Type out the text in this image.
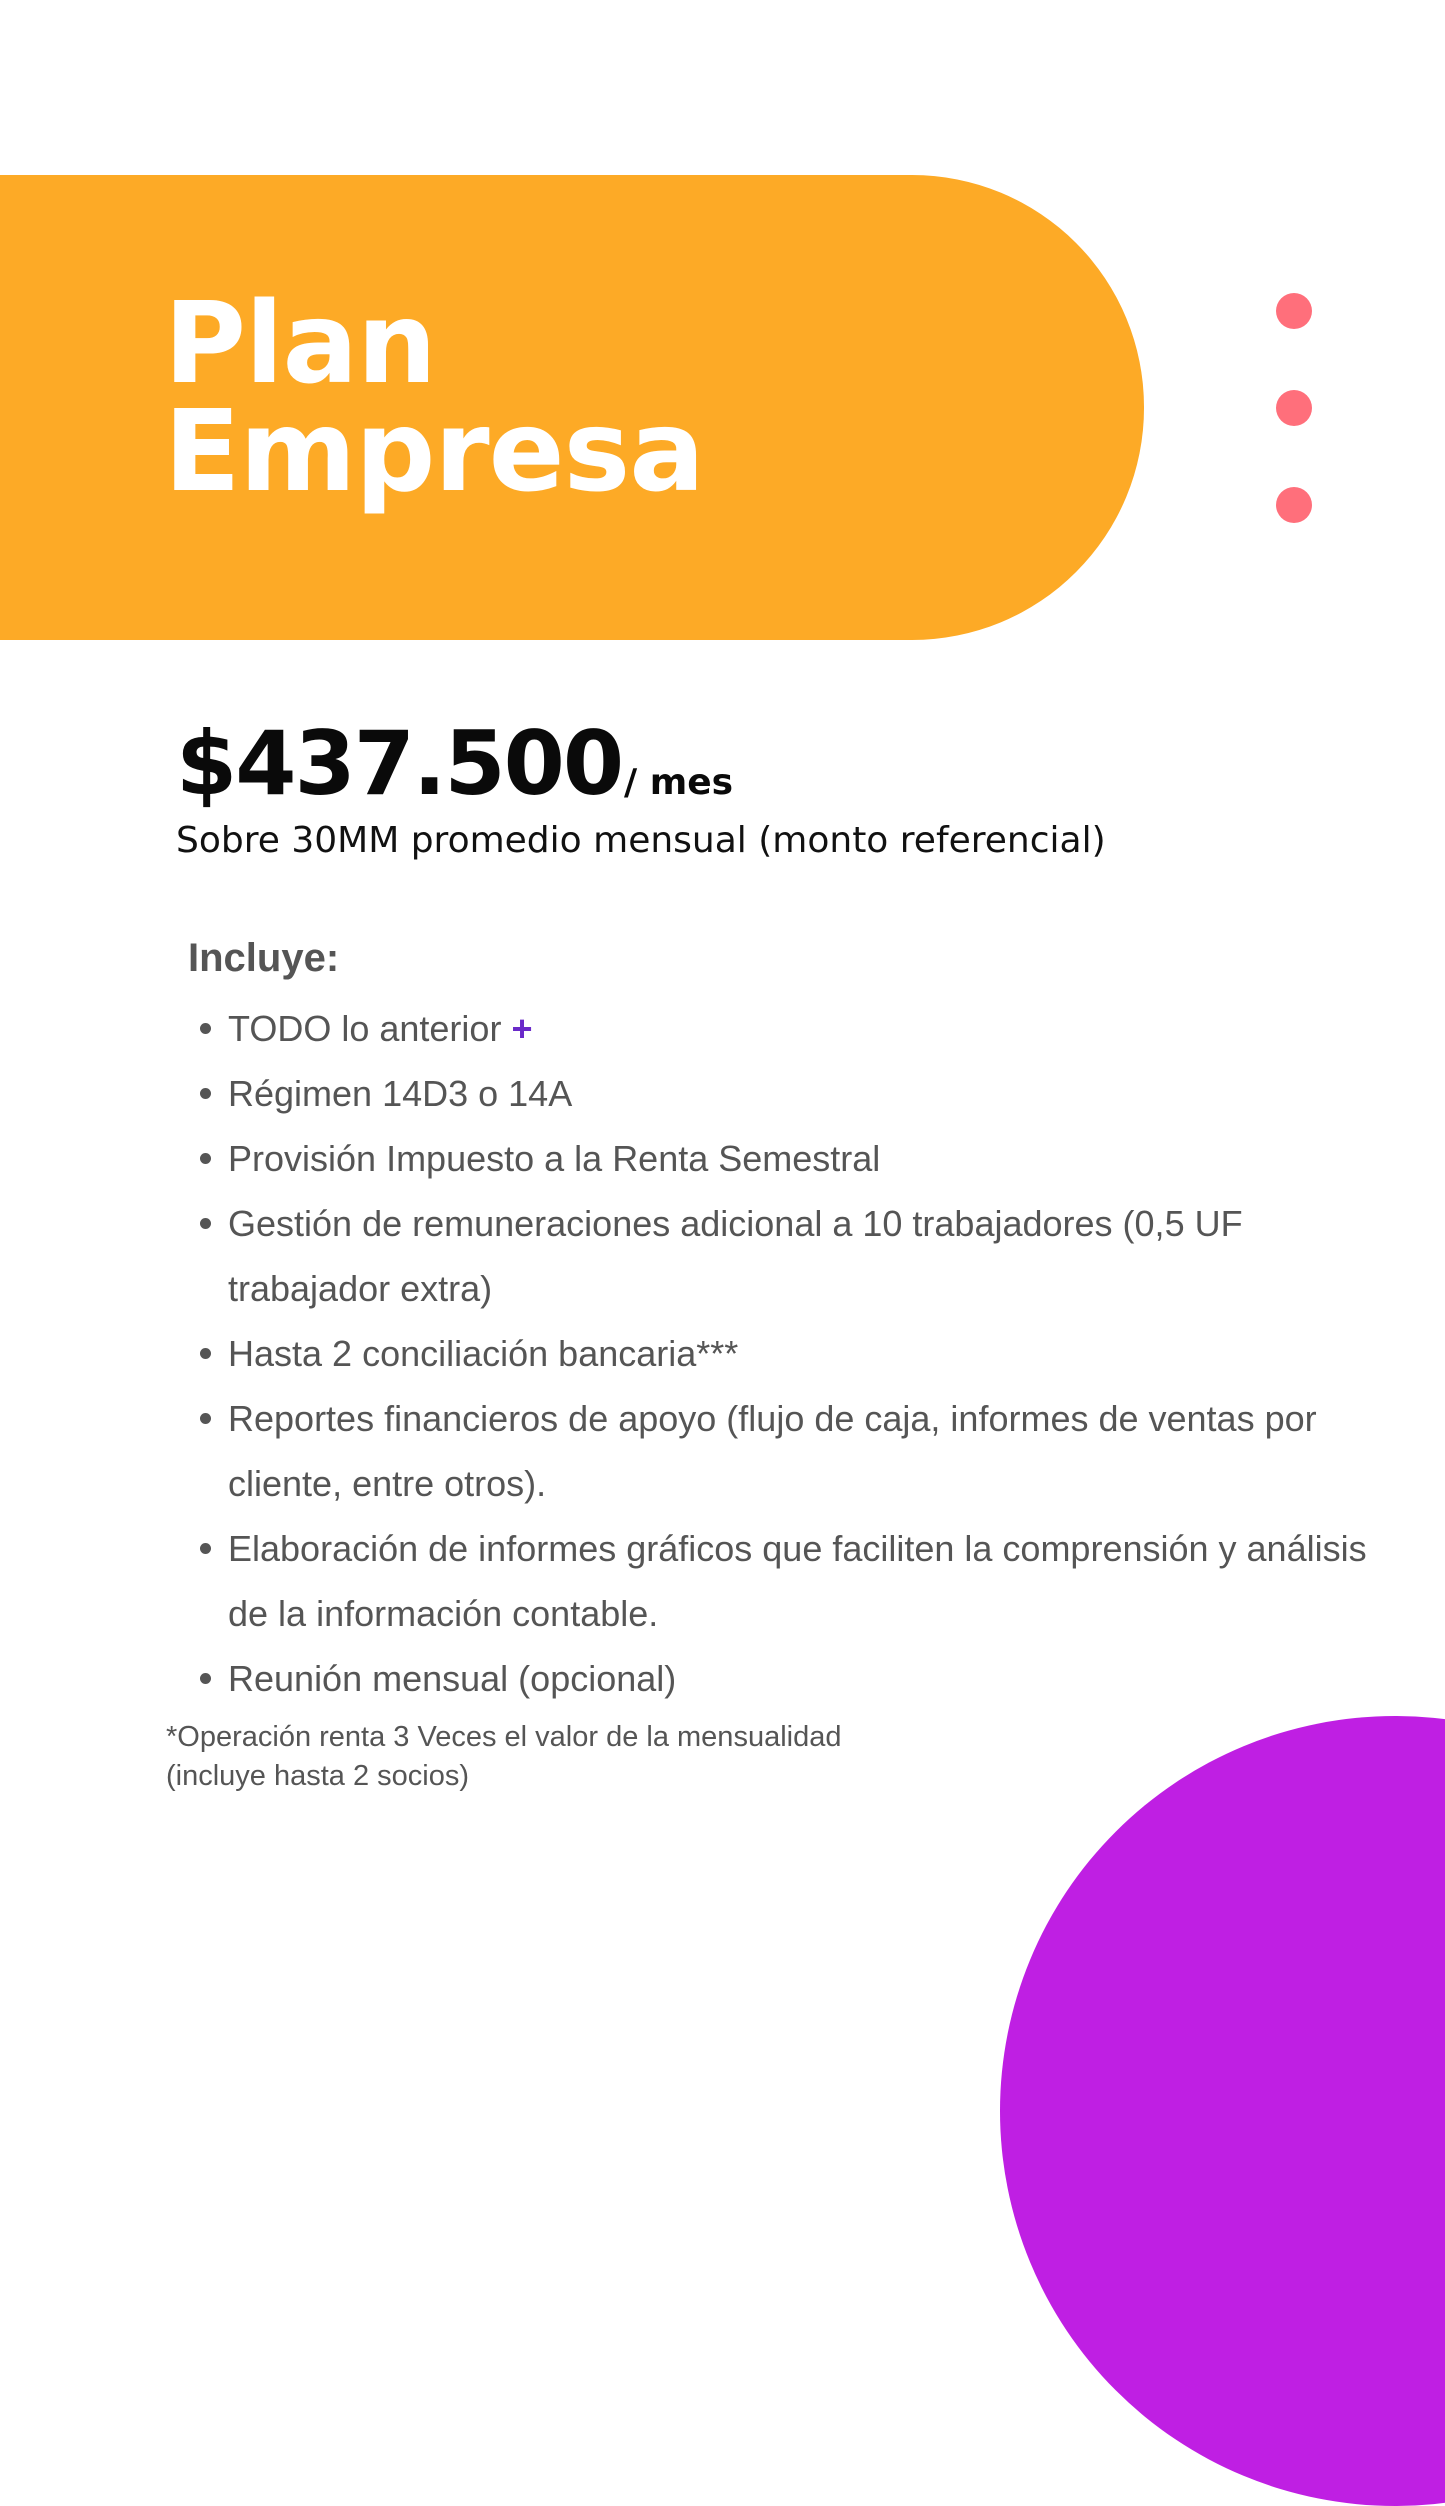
Plan
Empresa
$437.500/ mes

Sobre 30MM promedio mensual (monto referencial)

Incluye:
TODO lo anterior +
Régimen 14D3 o 14A
Provisión Impuesto a la Renta Semestral
Gestión de remuneraciones adicional a 10 trabajadores (0,5 UF trabajador extra)
Hasta 2 conciliación bancaria***
Reportes financieros de apoyo (flujo de caja, informes de ventas por cliente, entre otros).
Elaboración de informes gráficos que faciliten la comprensión y análisis de la información contable.
Reunión mensual (opcional)

*Operación renta 3 Veces el valor de la mensualidad
(incluye hasta 2 socios)
